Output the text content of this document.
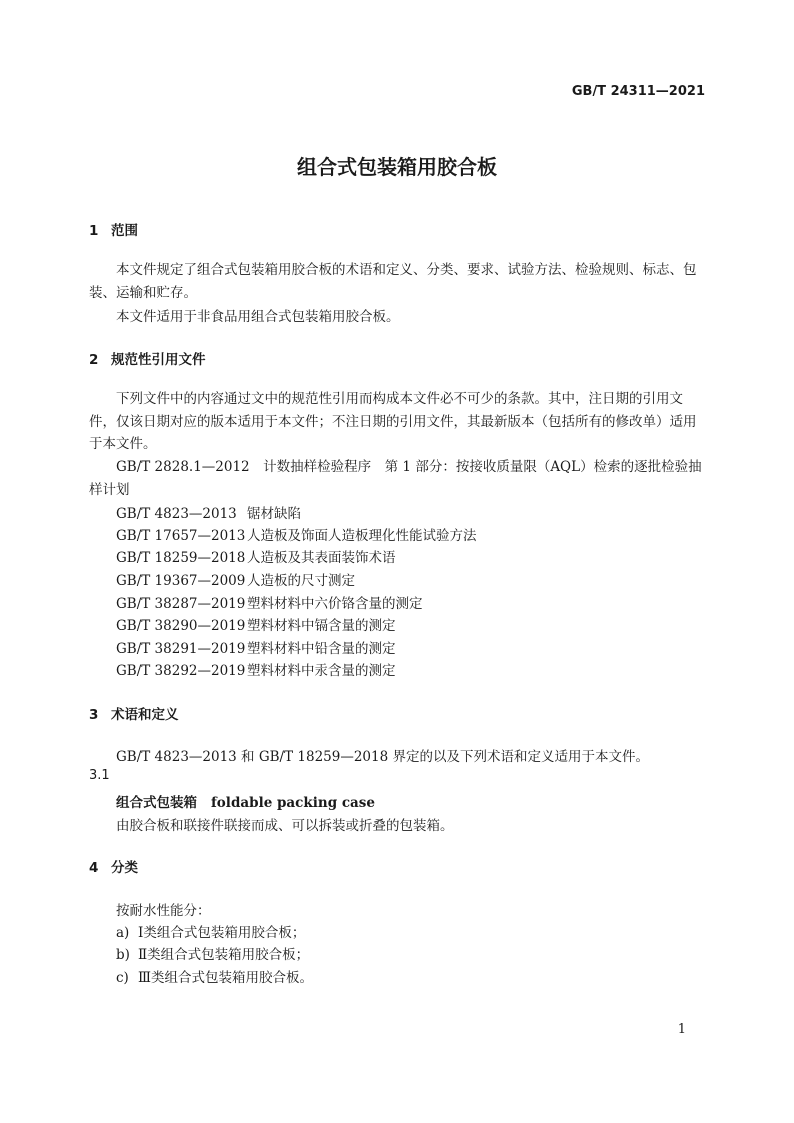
GB/T 24311—2021
组合式包装箱用胶合板
1 范围
本文件规定了组合式包装箱用胶合板的术语和定义、分类、要求、试验方法、检验规则、标志、包装、运输和贮存。
本文件适用于非食品用组合式包装箱用胶合板。
2 规范性引用文件
下列文件中的内容通过文中的规范性引用而构成本文件必不可少的条款。其中，注日期的引用文件，仅该日期对应的版本适用于本文件；不注日期的引用文件，其最新版本（包括所有的修改单）适用于本文件。
GB/T 2828.1—2012　计数抽样检验程序　第 1 部分：按接收质量限（AQL）检索的逐批检验抽样计划
GB/T 4823—2013 锯材缺陷
GB/T 17657—2013 人造板及饰面人造板理化性能试验方法
GB/T 18259—2018 人造板及其表面装饰术语
GB/T 19367—2009 人造板的尺寸测定
GB/T 38287—2019 塑料材料中六价铬含量的测定
GB/T 38290—2019 塑料材料中镉含量的测定
GB/T 38291—2019 塑料材料中铅含量的测定
GB/T 38292—2019 塑料材料中汞含量的测定
3 术语和定义
GB/T 4823—2013 和 GB/T 18259—2018 界定的以及下列术语和定义适用于本文件。
3.1
组合式包装箱 foldable packing case
由胶合板和联接件联接而成、可以拆装或折叠的包装箱。
4 分类
按耐水性能分：
a) Ⅰ类组合式包装箱用胶合板；
b) Ⅱ类组合式包装箱用胶合板；
c) Ⅲ类组合式包装箱用胶合板。
1
